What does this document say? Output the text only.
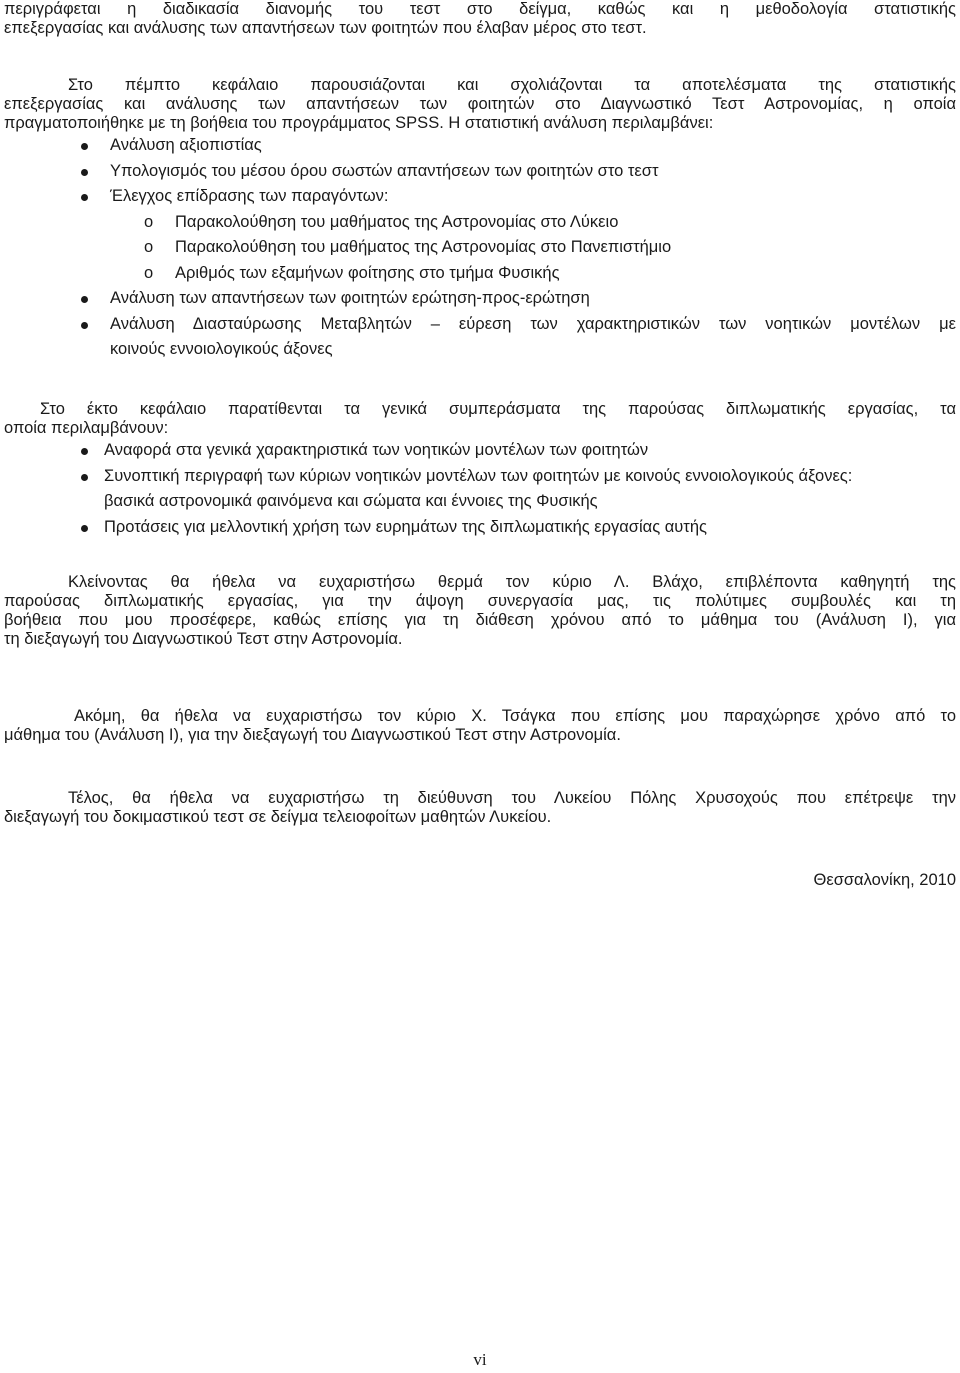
περιγράφεται η διαδικασία διανομής του τεστ στο δείγμα, καθώς και η μεθοδολογία στατιστικής
επεξεργασίας και ανάλυσης των απαντήσεων των φοιτητών που έλαβαν μέρος στο τεστ.
Στο πέμπτο κεφάλαιο παρουσιάζονται και σχολιάζονται τα αποτελέσματα της στατιστικής
επεξεργασίας και ανάλυσης των απαντήσεων των φοιτητών στο Διαγνωστικό Τεστ Αστρονομίας, η οποία
πραγματοποιήθηκε με τη βοήθεια του προγράμματος SPSS. Η στατιστική ανάλυση περιλαμβάνει:
Ανάλυση αξιοπιστίας
Υπολογισμός του μέσου όρου σωστών απαντήσεων των φοιτητών στο τεστ
Έλεγχος επίδρασης των παραγόντων:
o Παρακολούθηση του μαθήματος της Αστρονομίας στο Λύκειο
o Παρακολούθηση του μαθήματος της Αστρονομίας στο Πανεπιστήμιο
o Αριθμός των εξαμήνων φοίτησης στο τμήμα Φυσικής
Ανάλυση των απαντήσεων των φοιτητών ερώτηση-προς-ερώτηση
Ανάλυση Διασταύρωσης Μεταβλητών – εύρεση των χαρακτηριστικών των νοητικών μοντέλων με
κοινούς εννοιολογικούς άξονες
Στο έκτο κεφάλαιο παρατίθενται τα γενικά συμπεράσματα της παρούσας διπλωματικής εργασίας, τα
οποία περιλαμβάνουν:
Αναφορά στα γενικά χαρακτηριστικά των νοητικών μοντέλων των φοιτητών
Συνοπτική περιγραφή των κύριων νοητικών μοντέλων των φοιτητών με κοινούς εννοιολογικούς άξονες:
βασικά αστρονομικά φαινόμενα και σώματα και έννοιες της Φυσικής
Προτάσεις για μελλοντική χρήση των ευρημάτων της διπλωματικής εργασίας αυτής
Κλείνοντας θα ήθελα να ευχαριστήσω θερμά τον κύριο Λ. Βλάχο, επιβλέποντα καθηγητή της
παρούσας διπλωματικής εργασίας, για την άψογη συνεργασία μας, τις πολύτιμες συμβουλές και τη
βοήθεια που μου προσέφερε, καθώς επίσης για τη διάθεση χρόνου από το μάθημα του (Ανάλυση Ι), για
τη διεξαγωγή του Διαγνωστικού Τεστ στην Αστρονομία.
Ακόμη, θα ήθελα να ευχαριστήσω τον κύριο Χ. Τσάγκα που επίσης μου παραχώρησε χρόνο από το
μάθημα του (Ανάλυση Ι), για την διεξαγωγή του Διαγνωστικού Τεστ στην Αστρονομία.
Τέλος, θα ήθελα να ευχαριστήσω τη διεύθυνση του Λυκείου Πόλης Χρυσοχούς που επέτρεψε την
διεξαγωγή του δοκιμαστικού τεστ σε δείγμα τελειοφοίτων μαθητών Λυκείου.
Θεσσαλονίκη, 2010
vi
